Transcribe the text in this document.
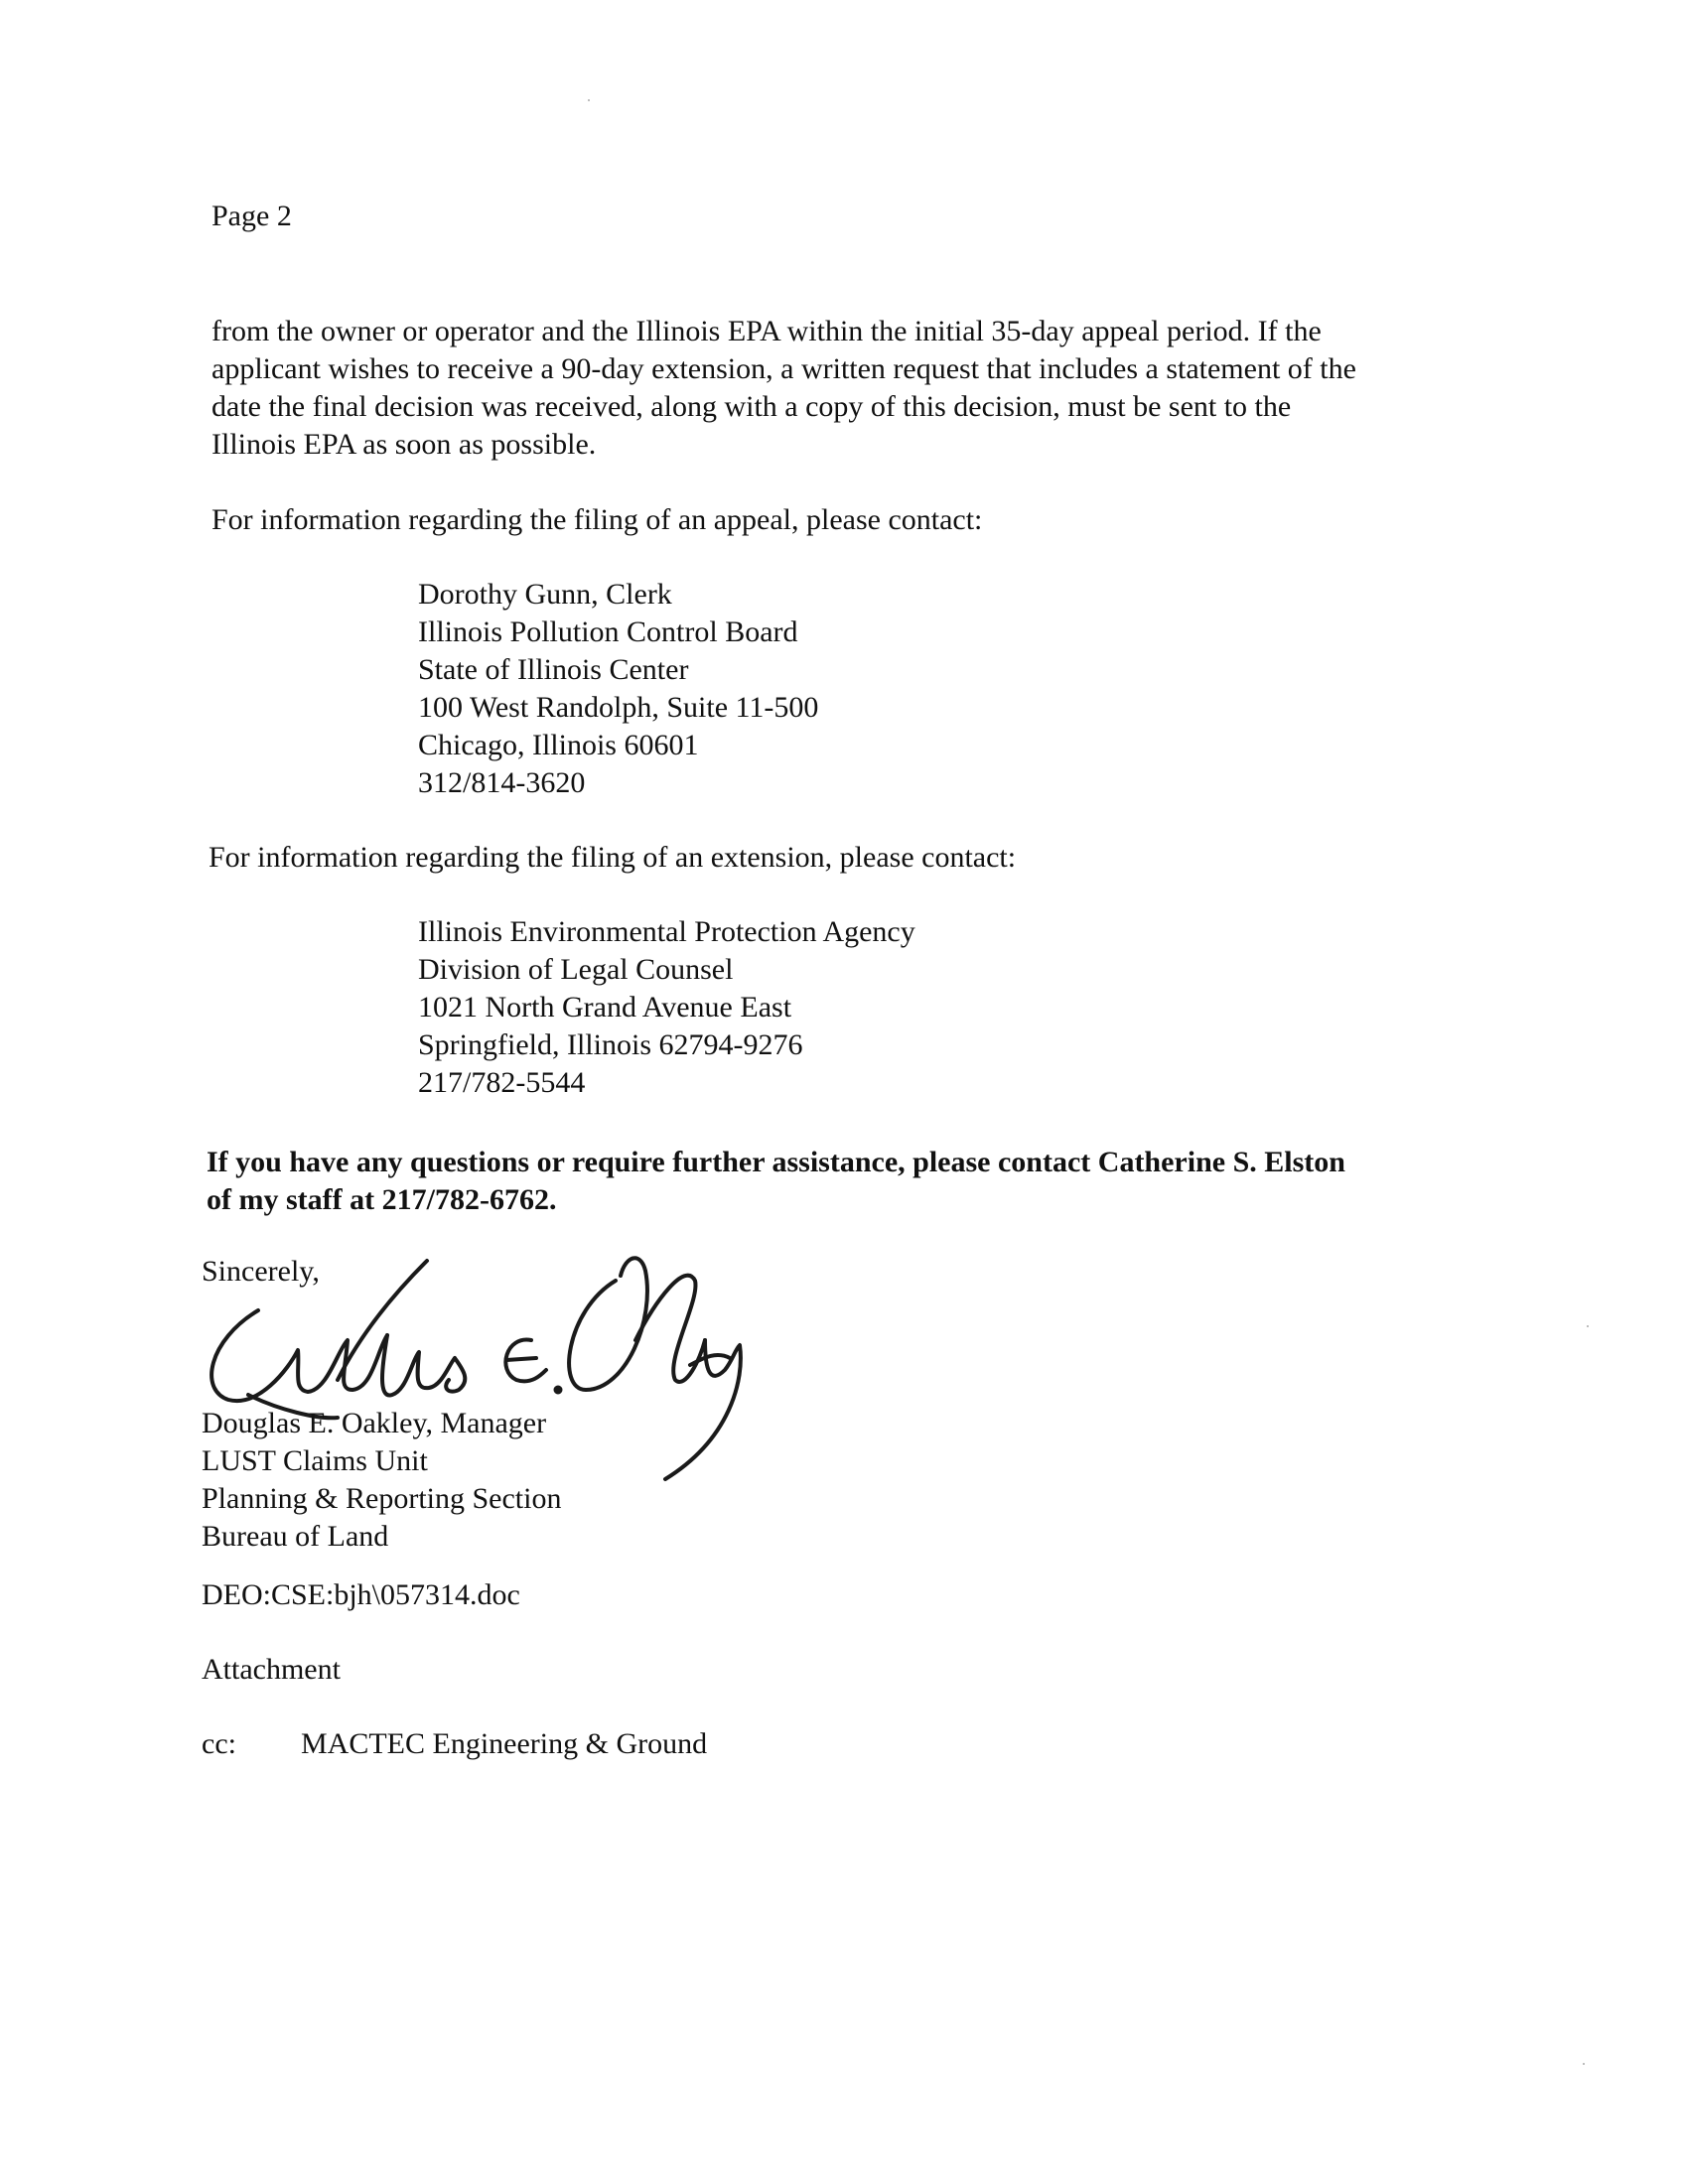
Page 2
from the owner or operator and the Illinois EPA within the initial 35-day appeal period. If the
applicant wishes to receive a 90-day extension, a written request that includes a statement of the
date the final decision was received, along with a copy of this decision, must be sent to the
Illinois EPA as soon as possible.
For information regarding the filing of an appeal, please contact:
Dorothy Gunn, Clerk
Illinois Pollution Control Board
State of Illinois Center
100 West Randolph, Suite 11-500
Chicago, Illinois 60601
312/814-3620
For information regarding the filing of an extension, please contact:
Illinois Environmental Protection Agency
Division of Legal Counsel
1021 North Grand Avenue East
Springfield, Illinois 62794-9276
217/782-5544
If you have any questions or require further assistance, please contact Catherine S. Elston
of my staff at 217/782-6762.
Sincerely,
Douglas E. Oakley, Manager
LUST Claims Unit
Planning & Reporting Section
Bureau of Land
DEO:CSE:bjh\057314.doc
Attachment
cc: MACTEC Engineering & Ground
